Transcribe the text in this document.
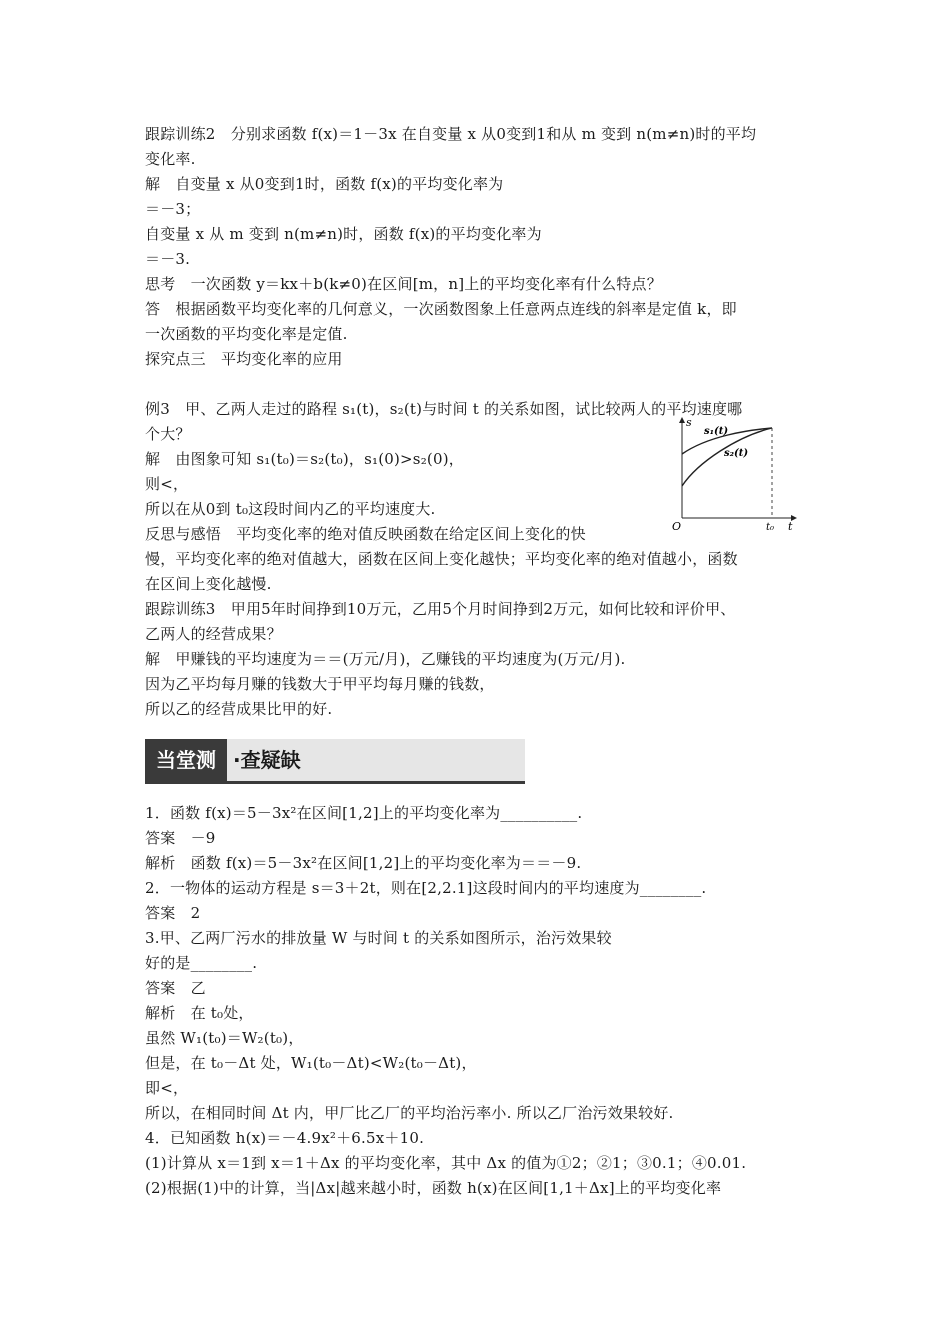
跟踪训练2　分别求函数 f(x)＝1－3x 在自变量 x 从0变到1和从 m 变到 n(m≠n)时的平均
变化率.
解　自变量 x 从0变到1时，函数 f(x)的平均变化率为
＝－3；
自变量 x 从 m 变到 n(m≠n)时，函数 f(x)的平均变化率为
＝－3.
思考　一次函数 y＝kx＋b(k≠0)在区间[m，n]上的平均变化率有什么特点？
答　根据函数平均变化率的几何意义，一次函数图象上任意两点连线的斜率是定值 k，即
一次函数的平均变化率是定值.
探究点三　平均变化率的应用
例3　甲、乙两人走过的路程 s₁(t)，s₂(t)与时间 t 的关系如图，试比较两人的平均速度哪
个大？
解　由图象可知 s₁(t₀)＝s₂(t₀)，s₁(0)>s₂(0)，
则<，
所以在从0到 t₀这段时间内乙的平均速度大.
反思与感悟　平均变化率的绝对值反映函数在给定区间上变化的快
慢，平均变化率的绝对值越大，函数在区间上变化越快；平均变化率的绝对值越小，函数
在区间上变化越慢.
跟踪训练3　甲用5年时间挣到10万元，乙用5个月时间挣到2万元，如何比较和评价甲、
乙两人的经营成果？
解　甲赚钱的平均速度为＝＝(万元/月)，乙赚钱的平均速度为(万元/月).
因为乙平均每月赚的钱数大于甲平均每月赚的钱数，
所以乙的经营成果比甲的好.
s
t
O	t₀
s₁(t)
s₂(t)
当堂测 ·查疑缺
1．函数 f(x)＝5－3x²在区间[1,2]上的平均变化率为__________.
答案　－9
解析　函数 f(x)＝5－3x²在区间[1,2]上的平均变化率为＝＝－9.
2．一物体的运动方程是 s＝3＋2t，则在[2,2.1]这段时间内的平均速度为________.
答案　2
3.甲、乙两厂污水的排放量 W 与时间 t 的关系如图所示，治污效果较
好的是________.
答案　乙
解析　在 t₀处，
虽然 W₁(t₀)＝W₂(t₀)，
但是，在 t₀－Δt 处，W₁(t₀－Δt)<W₂(t₀－Δt)，
即<，
所以，在相同时间 Δt 内，甲厂比乙厂的平均治污率小. 所以乙厂治污效果较好.
4．已知函数 h(x)＝－4.9x²＋6.5x＋10.
(1)计算从 x＝1到 x＝1＋Δx 的平均变化率，其中 Δx 的值为①2；②1；③0.1；④0.01.
(2)根据(1)中的计算，当|Δx|越来越小时，函数 h(x)在区间[1,1＋Δx]上的平均变化率
